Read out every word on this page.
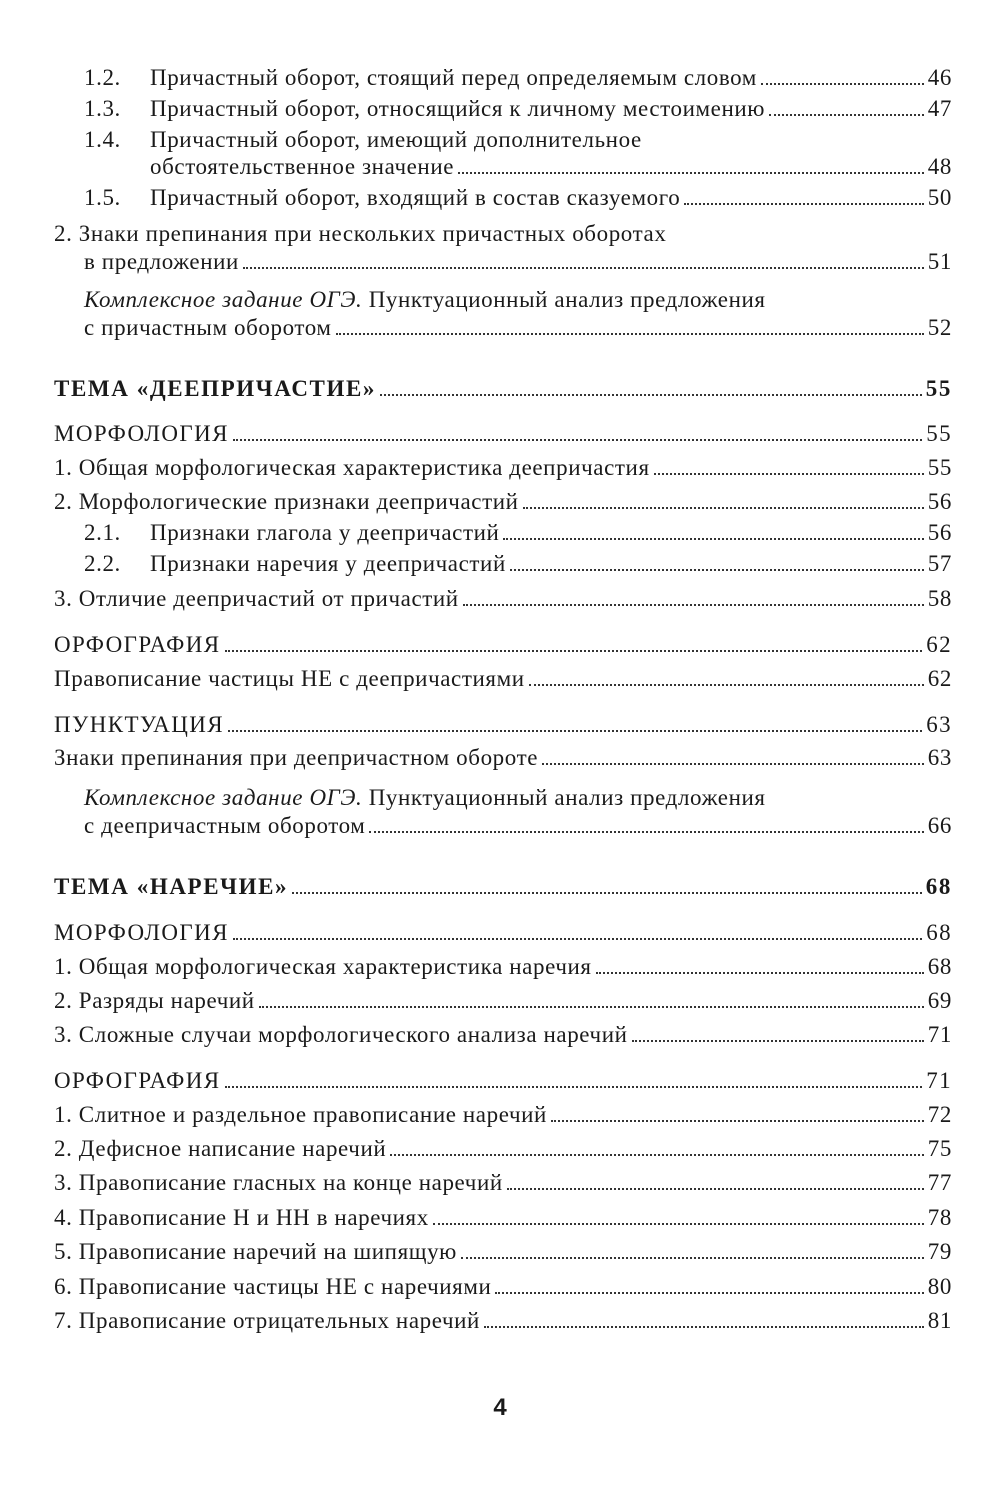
1.2. Причастный оборот, стоящий перед определяемым словом	46
1.3. Причастный оборот, относящийся к личному местоимению	47
1.4. Причастный оборот, имеющий дополнительное
обстоятельственное значение	48
1.5. Причастный оборот, входящий в состав сказуемого	50
2. Знаки препинания при нескольких причастных оборотах
в предложении	51
Комплексное задание ОГЭ. Пунктуационный анализ предложения
с причастным оборотом	52
ТЕМА «ДЕЕПРИЧАСТИЕ»	55
МОРФОЛОГИЯ	55
1. Общая морфологическая характеристика деепричастия	55
2. Морфологические признаки деепричастий	56
2.1. Признаки глагола у деепричастий	56
2.2. Признаки наречия у деепричастий	57
3. Отличие деепричастий от причастий	58
ОРФОГРАФИЯ	62
Правописание частицы НЕ с деепричастиями	62
ПУНКТУАЦИЯ	63
Знаки препинания при деепричастном обороте	63
Комплексное задание ОГЭ. Пунктуационный анализ предложения
с деепричастным оборотом	66
ТЕМА «НАРЕЧИЕ»	68
МОРФОЛОГИЯ	68
1. Общая морфологическая характеристика наречия	68
2. Разряды наречий	69
3. Сложные случаи морфологического анализа наречий	71
ОРФОГРАФИЯ	71
1. Слитное и раздельное правописание наречий	72
2. Дефисное написание наречий	75
3. Правописание гласных на конце наречий	77
4. Правописание Н и НН в наречиях	78
5. Правописание наречий на шипящую	79
6. Правописание частицы НЕ с наречиями	80
7. Правописание отрицательных наречий	81
4
